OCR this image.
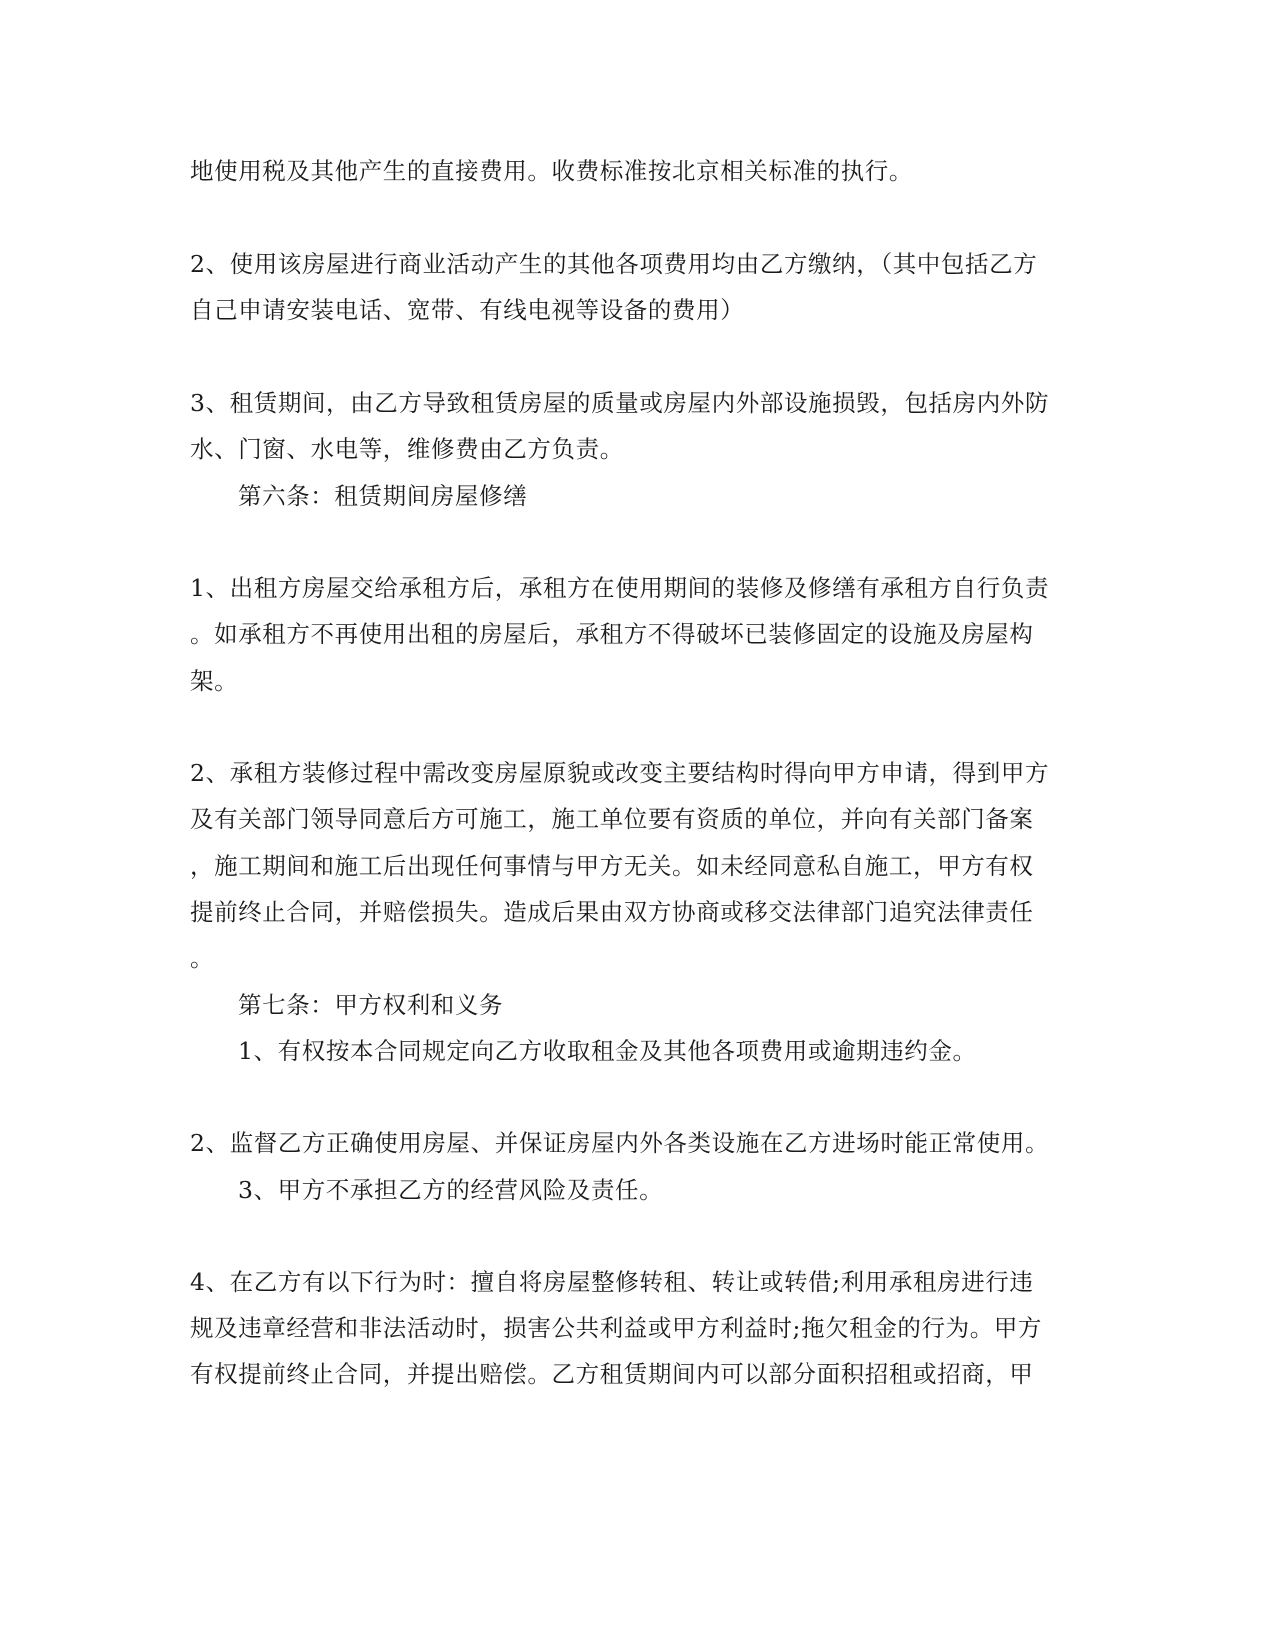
地使用税及其他产生的直接费用。收费标准按北京相关标准的执行。
2、使用该房屋进行商业活动产生的其他各项费用均由乙方缴纳，（其中包括乙方
自己申请安装电话、宽带、有线电视等设备的费用）
3、租赁期间，由乙方导致租赁房屋的质量或房屋内外部设施损毁，包括房内外防
水、门窗、水电等，维修费由乙方负责。
第六条：租赁期间房屋修缮
1、出租方房屋交给承租方后，承租方在使用期间的装修及修缮有承租方自行负责
。如承租方不再使用出租的房屋后，承租方不得破坏已装修固定的设施及房屋构
架。
2、承租方装修过程中需改变房屋原貌或改变主要结构时得向甲方申请，得到甲方
及有关部门领导同意后方可施工，施工单位要有资质的单位，并向有关部门备案
，施工期间和施工后出现任何事情与甲方无关。如未经同意私自施工，甲方有权
提前终止合同，并赔偿损失。造成后果由双方协商或移交法律部门追究法律责任
。
第七条：甲方权利和义务
1、有权按本合同规定向乙方收取租金及其他各项费用或逾期违约金。
2、监督乙方正确使用房屋、并保证房屋内外各类设施在乙方进场时能正常使用。
3、甲方不承担乙方的经营风险及责任。
4、在乙方有以下行为时：擅自将房屋整修转租、转让或转借;利用承租房进行违
规及违章经营和非法活动时，损害公共利益或甲方利益时;拖欠租金的行为。甲方
有权提前终止合同，并提出赔偿。乙方租赁期间内可以部分面积招租或招商，甲
